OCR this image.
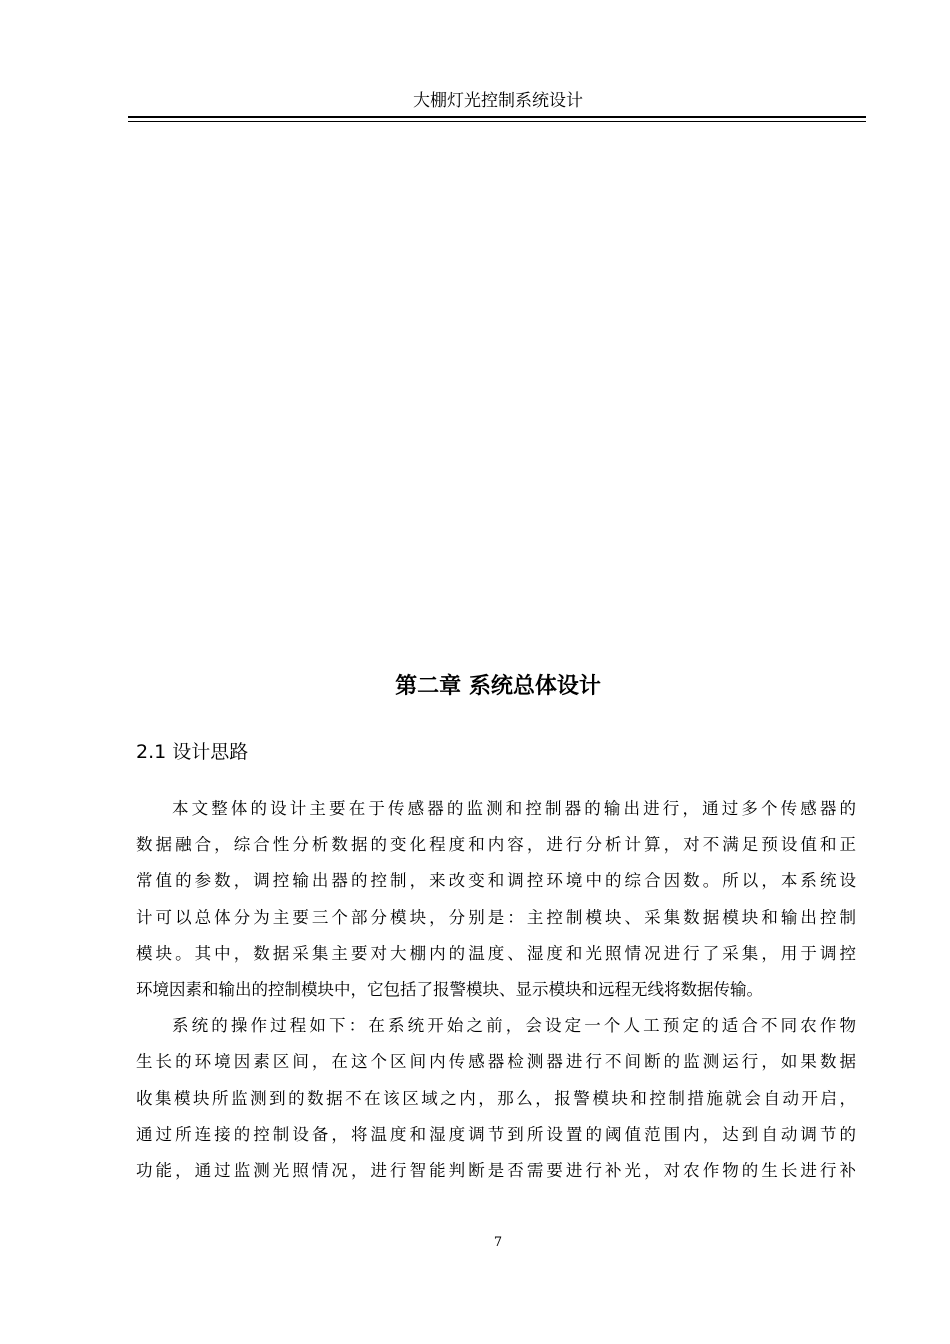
大棚灯光控制系统设计
第二章 系统总体设计
2.1 设计思路
本文整体的设计主要在于传感器的监测和控制器的输出进行，通过多个传感器的
数据融合，综合性分析数据的变化程度和内容，进行分析计算，对不满足预设值和正
常值的参数，调控输出器的控制，来改变和调控环境中的综合因数。所以，本系统设
计可以总体分为主要三个部分模块，分别是：主控制模块、采集数据模块和输出控制
模块。其中，数据采集主要对大棚内的温度、湿度和光照情况进行了采集，用于调控
环境因素和输出的控制模块中，它包括了报警模块、显示模块和远程无线将数据传输。
系统的操作过程如下：在系统开始之前，会设定一个人工预定的适合不同农作物
生长的环境因素区间，在这个区间内传感器检测器进行不间断的监测运行，如果数据
收集模块所监测到的数据不在该区域之内，那么，报警模块和控制措施就会自动开启，
通过所连接的控制设备，将温度和湿度调节到所设置的阈值范围内，达到自动调节的
功能，通过监测光照情况，进行智能判断是否需要进行补光，对农作物的生长进行补
7
